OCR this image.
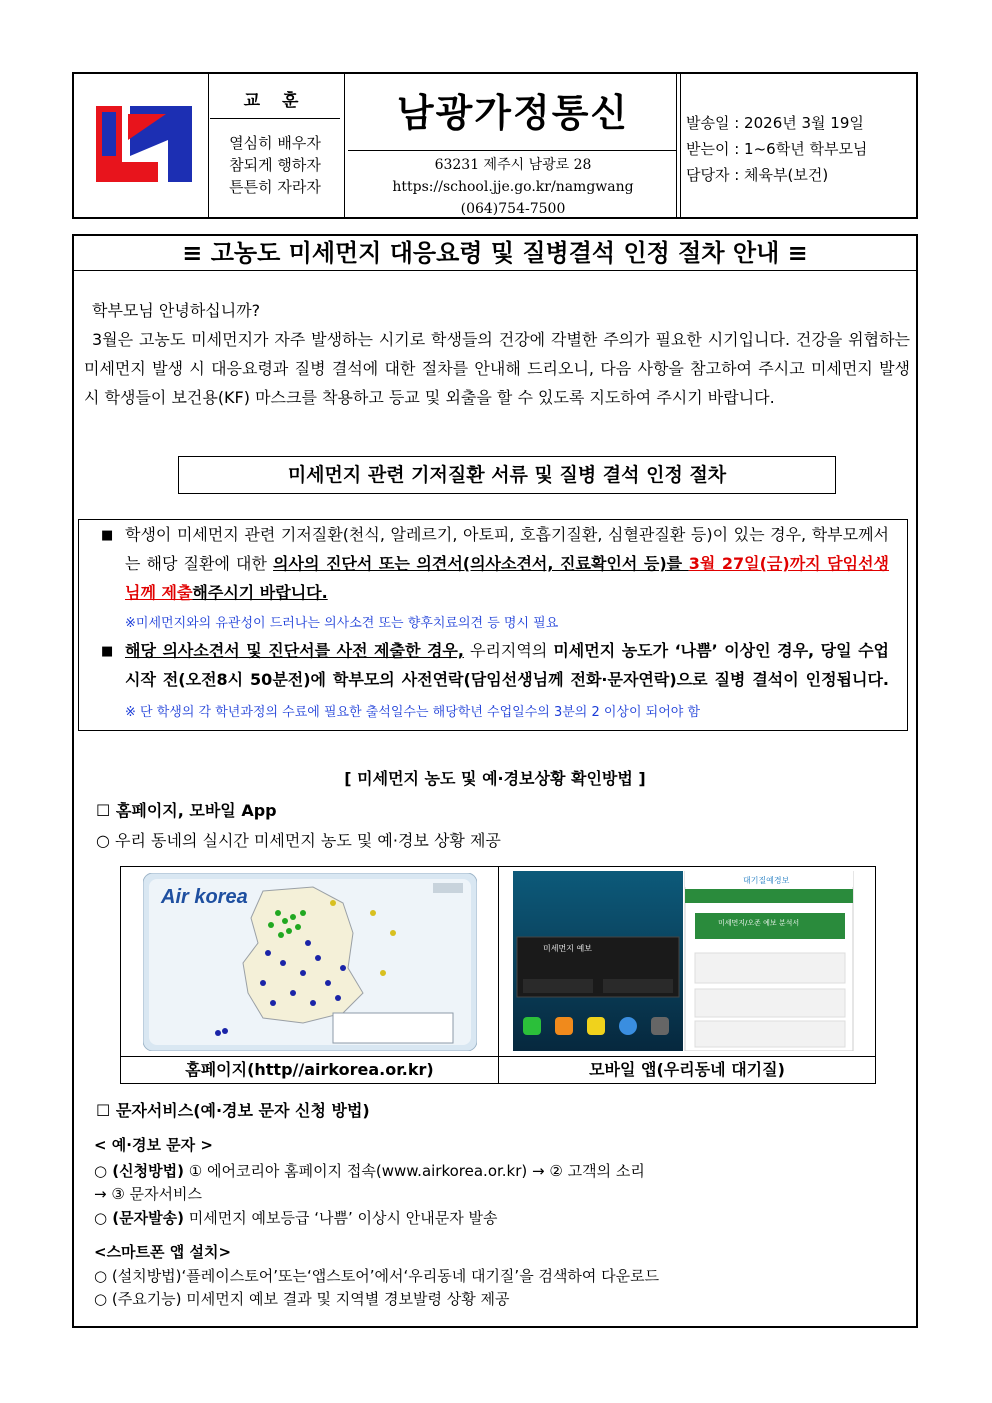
교 훈
열심히 배우자
참되게 행하자
튼튼히 자라자
남광가정통신
63231 제주시 남광로 28
https://school.jje.go.kr/namgwang
(064)754-7500
발송일 : 2026년 3월 19일
받는이 : 1~6학년 학부모님
담당자 : 체육부(보건)
≡ 고농도 미세먼지 대응요령 및 질병결석 인정 절차 안내 ≡

학부모님 안녕하십니까?

3월은 고농도 미세먼지가 자주 발생하는 시기로 학생들의 건강에 각별한 주의가 필요한 시기입니다. 건강을 위협하는 미세먼지 발생 시 대응요령과 질병 결석에 대한 절차를 안내해 드리오니, 다음 사항을 참고하여 주시고 미세먼지 발생 시 학생들이 보건용(KF) 마스크를 착용하고 등교 및 외출을 할 수 있도록 지도하여 주시기 바랍니다.

미세먼지 관련 기저질환 서류 및 질병 결석 인정 절차
■ 학생이 미세먼지 관련 기저질환(천식, 알레르기, 아토피, 호흡기질환, 심혈관질환 등)이 있는 경우, 학부모께서는 해당 질환에 대한 의사의 진단서 또는 의견서(의사소견서, 진료확인서 등)를 3월 27일(금)까지 담임선생님께 제출해주시기 바랍니다.
※미세먼지와의 유관성이 드러나는 의사소견 또는 향후치료의견 등 명시 필요
■ 해당 의사소견서 및 진단서를 사전 제출한 경우, 우리지역의 미세먼지 농도가 ‘나쁨’ 이상인 경우, 당일 수업 시작 전(오전8시 50분전)에 학부모의 사전연락(담임선생님께 전화·문자연락)으로 질병 결석이 인정됩니다. ※ 단 학생의 각 학년과정의 수료에 필요한 출석일수는 해당학년 수업일수의 3분의 2 이상이 되어야 함
[ 미세먼지 농도 및 예·경보상황 확인방법 ]
☐ 홈페이지, 모바일 App
○ 우리 동네의 실시간 미세먼지 농도 및 예·경보 상황 제공
Air korea
미세먼지 예보
대기질예경보
미세먼지/오존 예보 분석서
홈페이지(http//airkorea.or.kr)	모바일 앱(우리동네 대기질)
☐ 문자서비스(예·경보 문자 신청 방법)
< 예·경보 문자 >
○ (신청방법) ① 에어코리아 홈페이지 접속(www.airkorea.or.kr) → ② 고객의 소리
→ ③ 문자서비스
○ (문자발송) 미세먼지 예보등급 ‘나쁨’ 이상시 안내문자 발송
<스마트폰 앱 설치>
○ (설치방법)‘플레이스토어’또는‘앱스토어’에서‘우리동네 대기질’을 검색하여 다운로드
○ (주요기능) 미세먼지 예보 결과 및 지역별 경보발령 상황 제공
